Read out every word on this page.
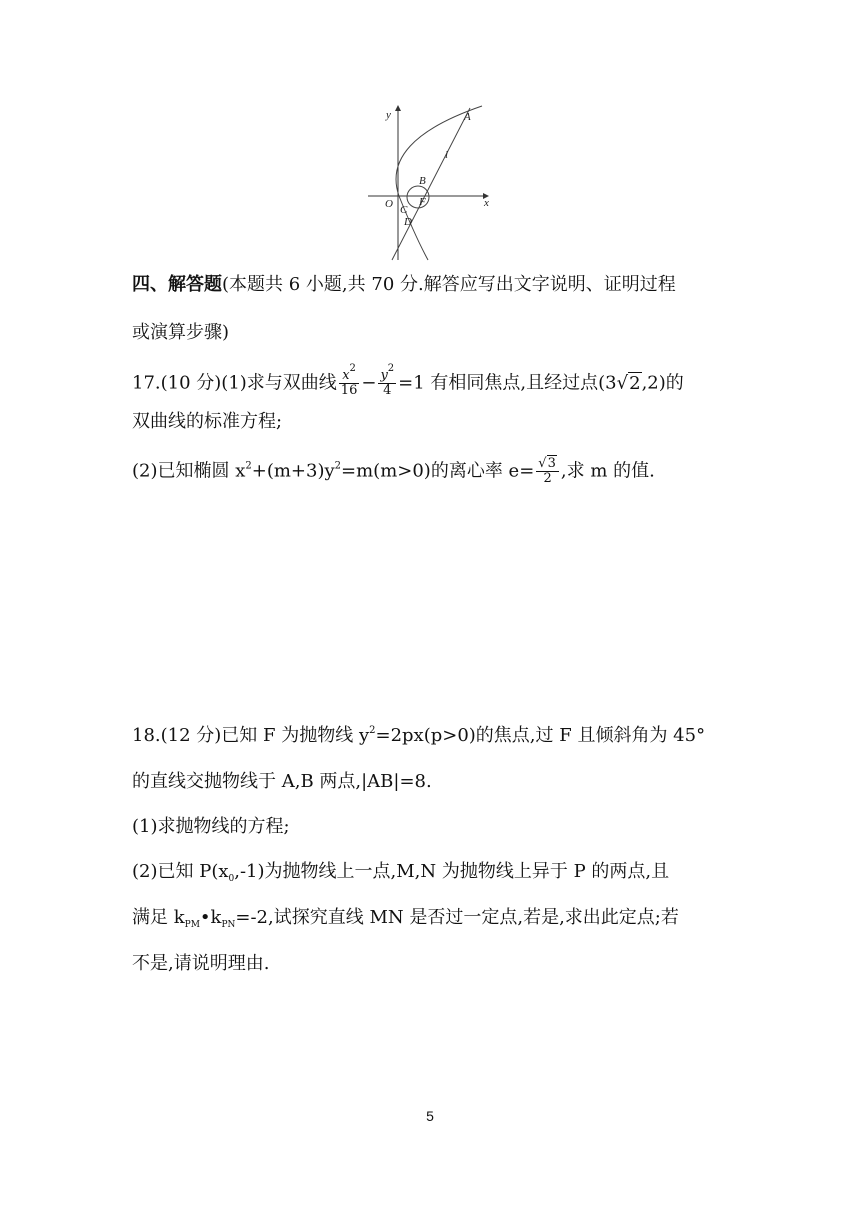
y
x
O
A
B
C
D
F
l
四、解答题(本题共 6 小题,共 70 分.解答应写出文字说明、证明过程
或演算步骤)
17.(10 分)(1)求与双曲线 $\frac{x^2}{16} - \frac{y^2}{4} =1$ 有相同焦点,且经过点(3√2,2)的
双曲线的标准方程;
(2)已知椭圆 $x^2+(m+3)y^2=m(m>0)$的离心率 $e= \frac{√3}{2}$ ,求 m 的值.
18.(12 分)已知 F 为抛物线 $y^2=2px(p>0)$的焦点,过 F 且倾斜角为 45°
的直线交抛物线于 A,B 两点,|AB|=8.
(1)求抛物线的方程;
(2)已知 $P(x_0,-1)$为抛物线上一点,M,N 为抛物线上异于 P 的两点,且
满足 $k_{PM}•k_{PN}=-2$,试探究直线 MN 是否过一定点,若是,求出此定点;若
不是,请说明理由.
5
